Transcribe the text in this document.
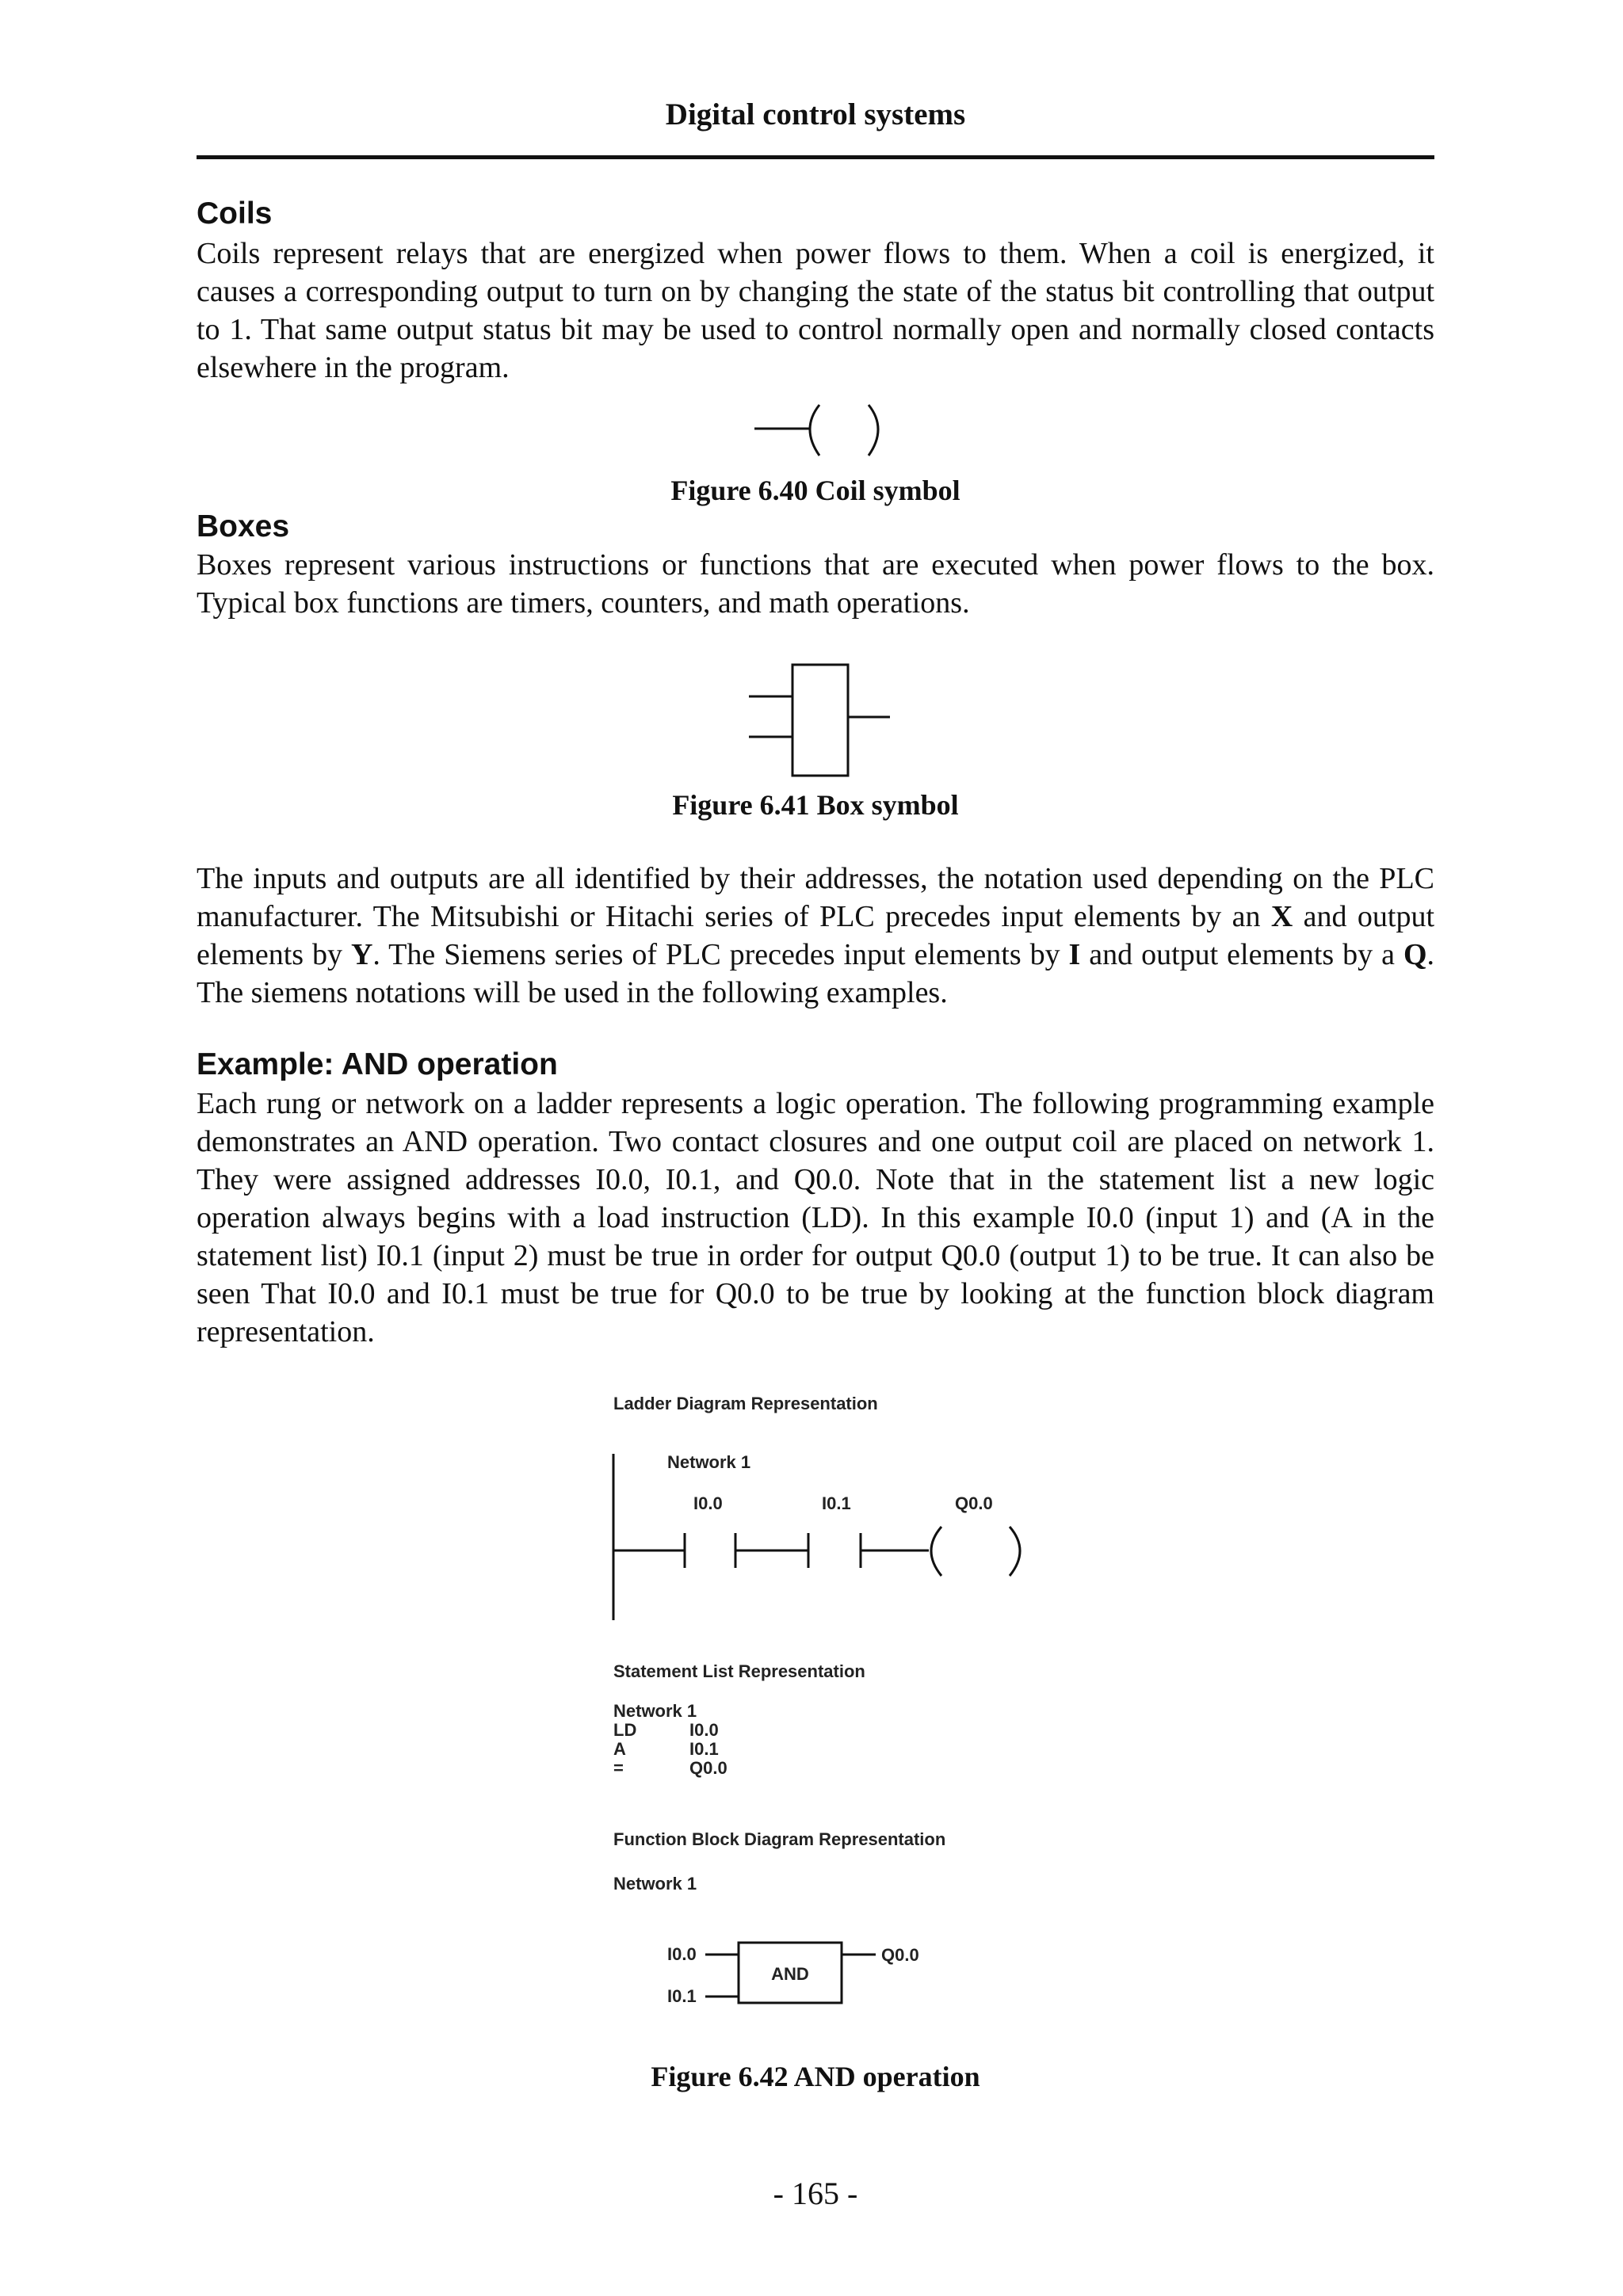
Digital control systems
Coils

Coils represent relays that are energized when power flows to them. When a coil is energized, it causes a corresponding output to turn on by changing the state of the status bit controlling that output to 1. That same output status bit may be used to control normally open and normally closed contacts elsewhere in the program.

Figure 6.40 Coil symbol
Boxes

Boxes represent various instructions or functions that are executed when power flows to the box. Typical box functions are timers, counters, and math operations.

Figure 6.41 Box symbol

The inputs and outputs are all identified by their addresses, the notation used depending on the PLC manufacturer. The Mitsubishi or Hitachi series of PLC precedes input elements by an X and output elements by Y. The Siemens series of PLC precedes input elements by I and output elements by a Q. The siemens notations will be used in the following examples.

Example: AND operation

Each rung or network on a ladder represents a logic operation. The following programming example demonstrates an AND operation. Two contact closures and one output coil are placed on network 1. They were assigned addresses I0.0, I0.1, and Q0.0. Note that in the statement list a new logic operation always begins with a load instruction (LD). In this example I0.0 (input 1) and (A in the statement list) I0.1 (input 2) must be true in order for output Q0.0 (output 1) to be true. It can also be seen That I0.0 and I0.1 must be true for Q0.0 to be true by looking at the function block diagram representation.

Ladder Diagram Representation
Network 1
I0.0	I0.1	Q0.0
Statement List Representation
Network 1
LD	I0.0
A	I0.1
=	Q0.0
Function Block Diagram Representation
Network 1
I0.0
I0.1
AND
Q0.0
Figure 6.42 AND operation
- 165 -
